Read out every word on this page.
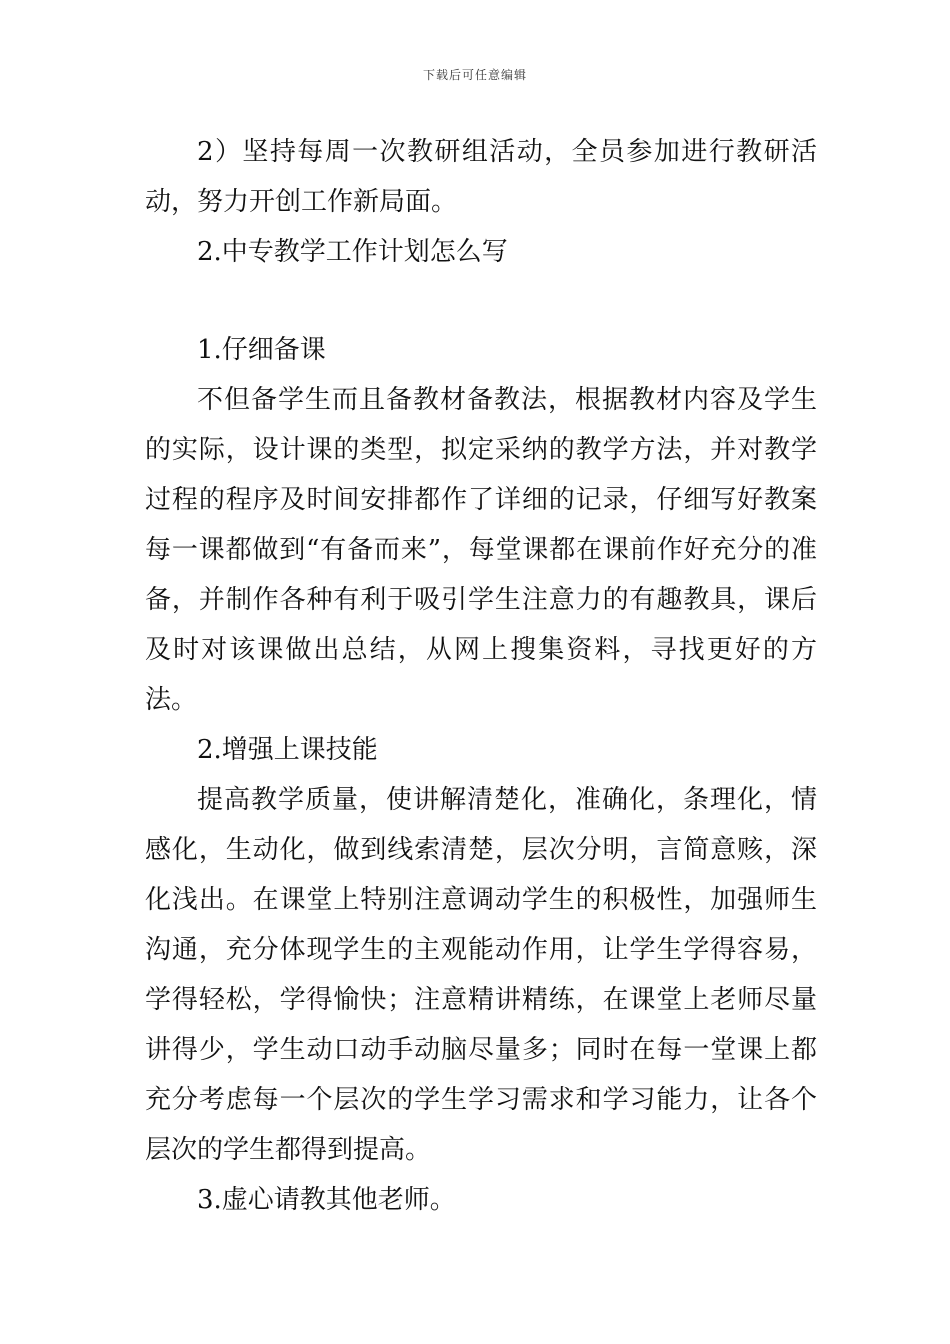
下载后可任意编辑

2）坚持每周一次教研组活动，全员参加进行教研活动，努力开创工作新局面。

2.中专教学工作计划怎么写

1.仔细备课

不但备学生而且备教材备教法，根据教材内容及学生的实际，设计课的类型，拟定采纳的教学方法，并对教学过程的程序及时间安排都作了详细的记录，仔细写好教案每一课都做到“有备而来”，每堂课都在课前作好充分的准备，并制作各种有利于吸引学生注意力的有趣教具，课后及时对该课做出总结，从网上搜集资料，寻找更好的方法。

2.增强上课技能

提高教学质量，使讲解清楚化，准确化，条理化，情感化，生动化，做到线索清楚，层次分明，言简意赅，深化浅出。在课堂上特别注意调动学生的积极性，加强师生沟通，充分体现学生的主观能动作用，让学生学得容易，学得轻松，学得愉快；注意精讲精练，在课堂上老师尽量讲得少，学生动口动手动脑尽量多；同时在每一堂课上都充分考虑每一个层次的学生学习需求和学习能力，让各个层次的学生都得到提高。

3.虚心请教其他老师。
